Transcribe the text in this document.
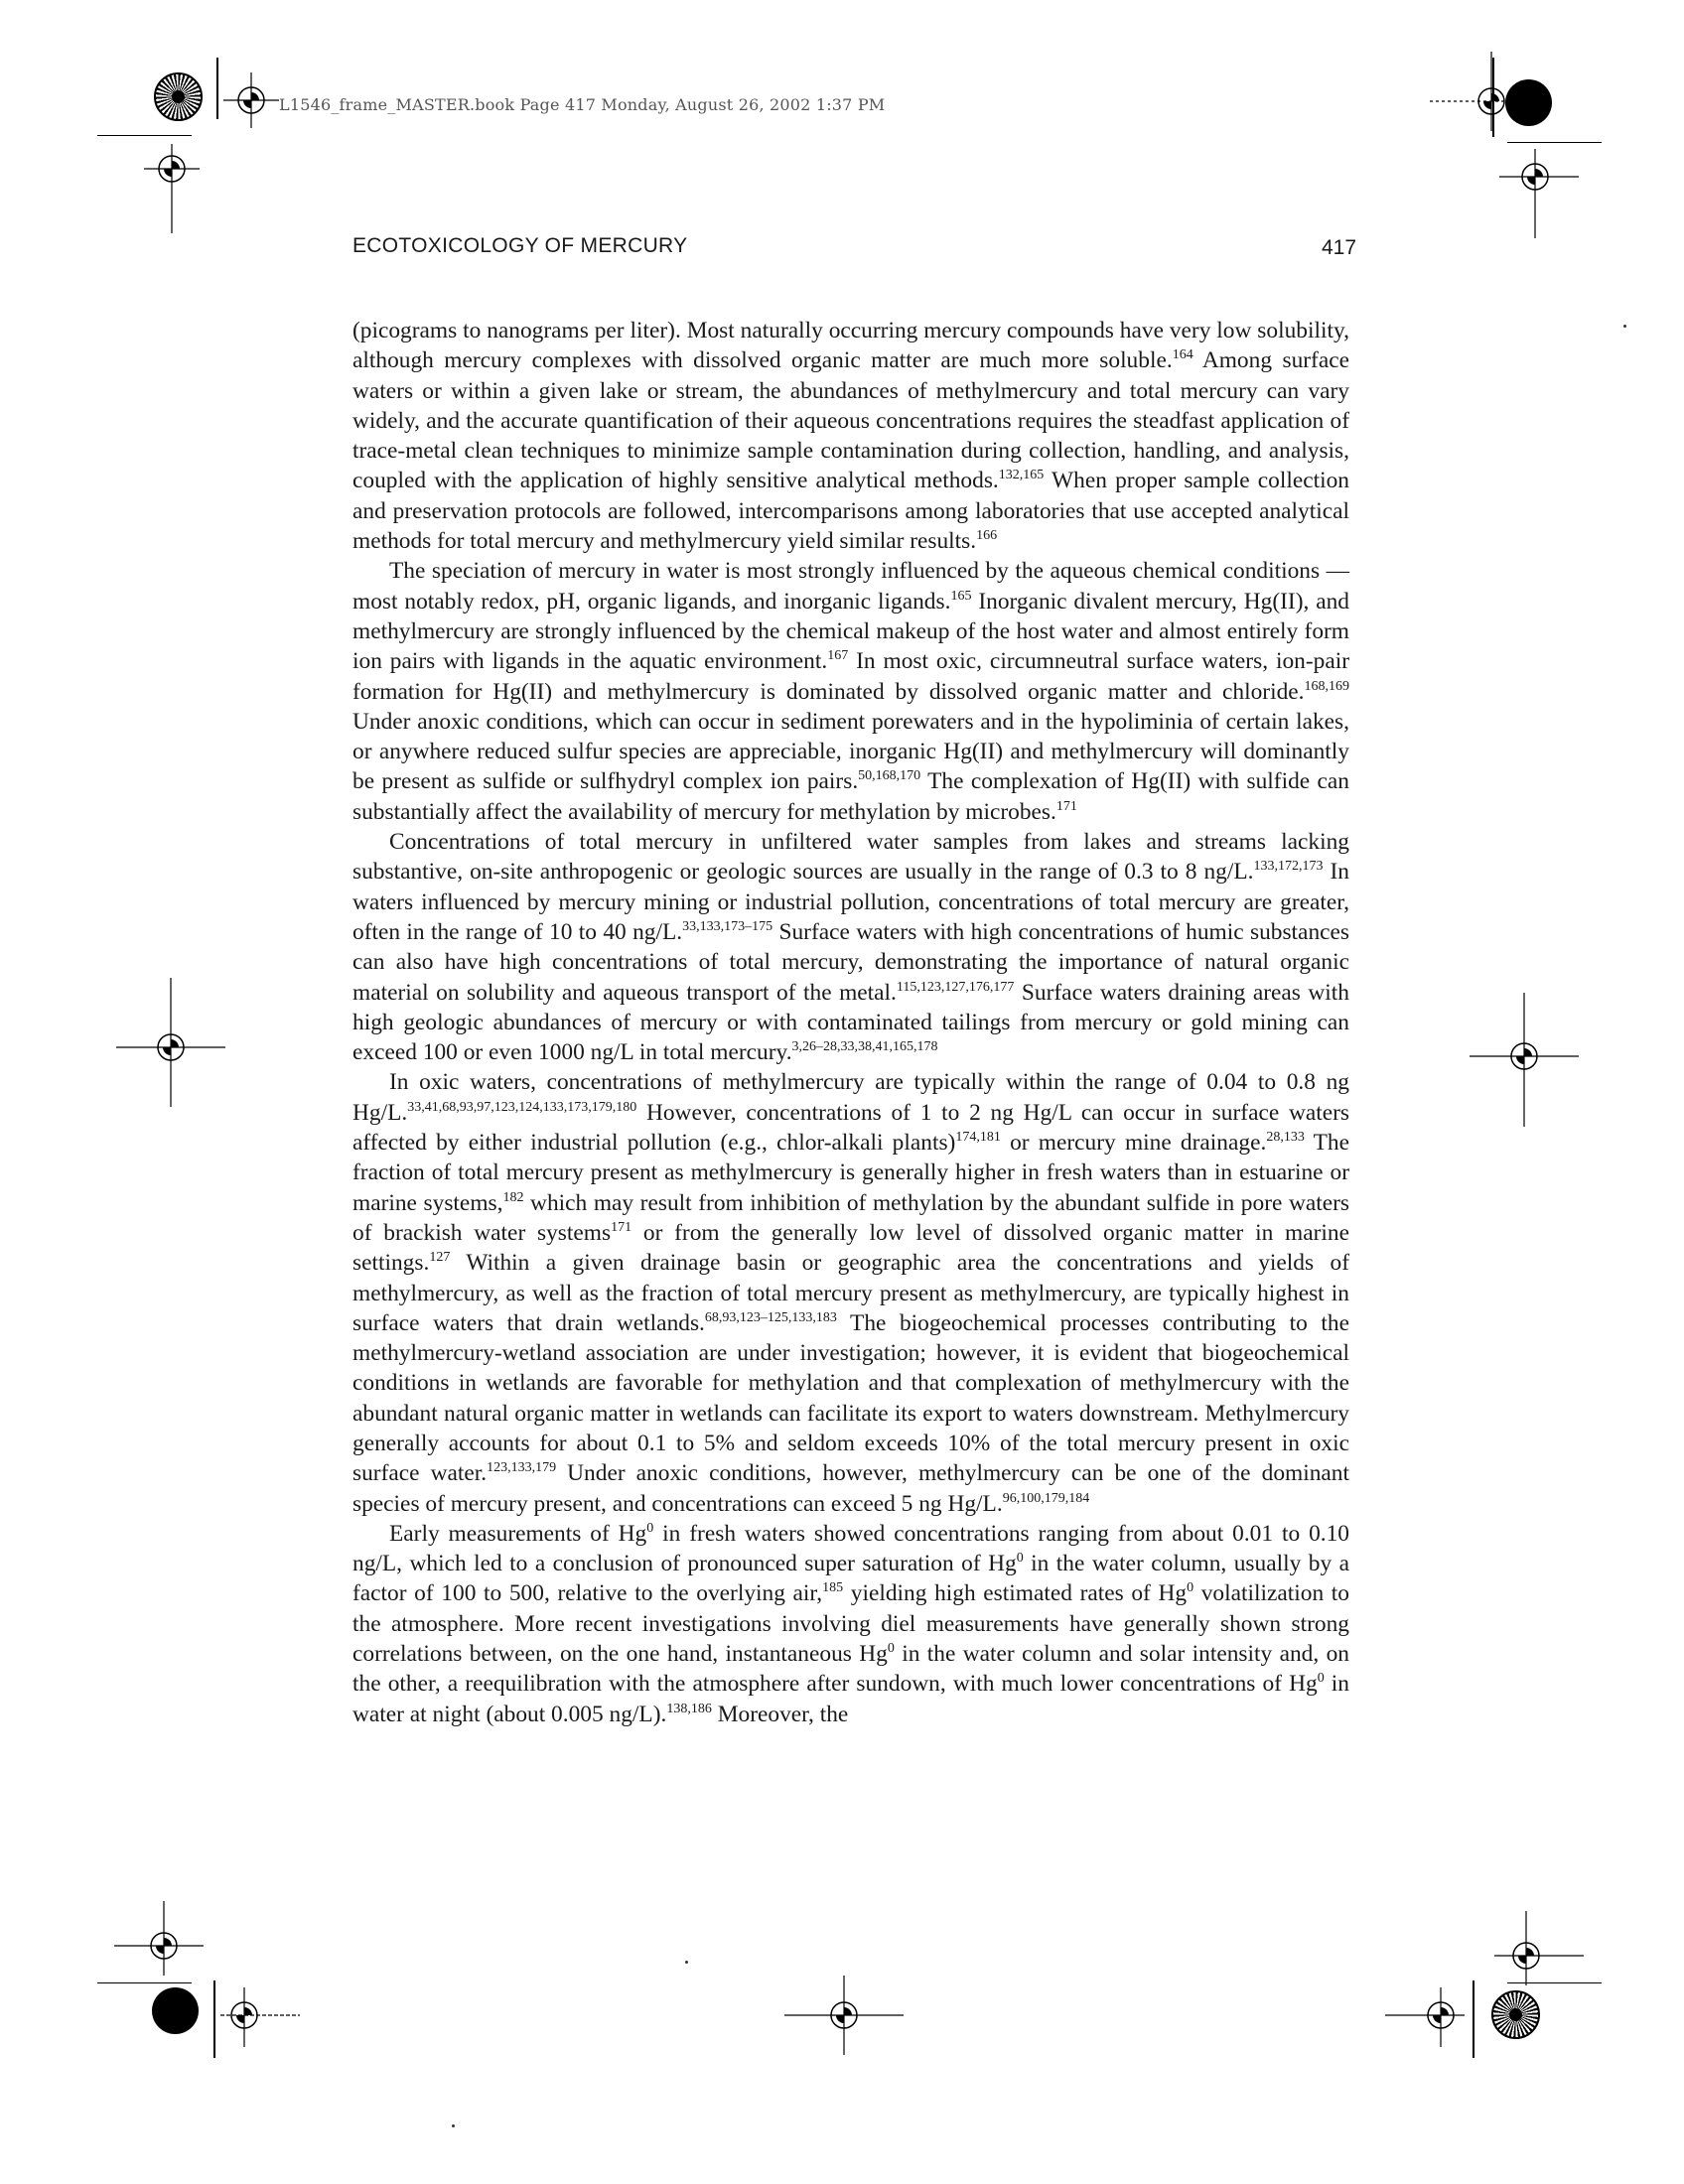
L1546_frame_MASTER.book Page 417 Monday, August 26, 2002 1:37 PM
ECOTOXICOLOGY OF MERCURY	417

(picograms to nanograms per liter). Most naturally occurring mercury compounds have very low solubility, although mercury complexes with dissolved organic matter are much more soluble.$^{164}$ Among surface waters or within a given lake or stream, the abundances of methylmercury and total mercury can vary widely, and the accurate quantification of their aqueous concentrations requires the steadfast application of trace-metal clean techniques to minimize sample contamination during collection, handling, and analysis, coupled with the application of highly sensitive analytical methods.$^{132,165}$ When proper sample collection and preservation protocols are followed, intercomparisons among laboratories that use accepted analytical methods for total mercury and methylmercury yield similar results.$^{166}$

The speciation of mercury in water is most strongly influenced by the aqueous chemical conditions — most notably redox, pH, organic ligands, and inorganic ligands.$^{165}$ Inorganic divalent mercury, Hg(II), and methylmercury are strongly influenced by the chemical makeup of the host water and almost entirely form ion pairs with ligands in the aquatic environment.$^{167}$ In most oxic, circumneutral surface waters, ion-pair formation for Hg(II) and methylmercury is dominated by dissolved organic matter and chloride.$^{168,169}$ Under anoxic conditions, which can occur in sediment porewaters and in the hypoliminia of certain lakes, or anywhere reduced sulfur species are appreciable, inorganic Hg(II) and methylmercury will dominantly be present as sulfide or sulfhydryl complex ion pairs.$^{50,168,170}$ The complexation of Hg(II) with sulfide can substantially affect the availability of mercury for methylation by microbes.$^{171}$

Concentrations of total mercury in unfiltered water samples from lakes and streams lacking substantive, on-site anthropogenic or geologic sources are usually in the range of 0.3 to 8 ng/L.$^{133,172,173}$ In waters influenced by mercury mining or industrial pollution, concentrations of total mercury are greater, often in the range of 10 to 40 ng/L.$^{33,133,173-175}$ Surface waters with high concentrations of humic substances can also have high concentrations of total mercury, demonstrating the importance of natural organic material on solubility and aqueous transport of the metal.$^{115,123,127,176,177}$ Surface waters draining areas with high geologic abundances of mercury or with contaminated tailings from mercury or gold mining can exceed 100 or even 1000 ng/L in total mercury.$^{3,26-28,33,38,41,165,178}$

In oxic waters, concentrations of methylmercury are typically within the range of 0.04 to 0.8 ng Hg/L.$^{33,41,68,93,97,123,124,133,173,179,180}$ However, concentrations of 1 to 2 ng Hg/L can occur in surface waters affected by either industrial pollution (e.g., chlor-alkali plants)$^{174,181}$ or mercury mine drainage.$^{28,133}$ The fraction of total mercury present as methylmercury is generally higher in fresh waters than in estuarine or marine systems,$^{182}$ which may result from inhibition of methylation by the abundant sulfide in pore waters of brackish water systems$^{171}$ or from the generally low level of dissolved organic matter in marine settings.$^{127}$ Within a given drainage basin or geographic area the concentrations and yields of methylmercury, as well as the fraction of total mercury present as methylmercury, are typically highest in surface waters that drain wetlands.$^{68,93,123-125,133,183}$ The biogeochemical processes contributing to the methylmercury-wetland association are under investigation; however, it is evident that biogeochemical conditions in wetlands are favorable for methylation and that complexation of methylmercury with the abundant natural organic matter in wetlands can facilitate its export to waters downstream. Methylmercury generally accounts for about 0.1 to 5% and seldom exceeds 10% of the total mercury present in oxic surface water.$^{123,133,179}$ Under anoxic conditions, however, methylmercury can be one of the dominant species of mercury present, and concentrations can exceed 5 ng Hg/L.$^{96,100,179,184}$

Early measurements of Hg$^0$ in fresh waters showed concentrations ranging from about 0.01 to 0.10 ng/L, which led to a conclusion of pronounced super saturation of Hg$^0$ in the water column, usually by a factor of 100 to 500, relative to the overlying air,$^{185}$ yielding high estimated rates of Hg$^0$ volatilization to the atmosphere. More recent investigations involving diel measurements have generally shown strong correlations between, on the one hand, instantaneous Hg$^0$ in the water column and solar intensity and, on the other, a reequilibration with the atmosphere after sundown, with much lower concentrations of Hg$^0$ in water at night (about 0.005 ng/L).$^{138,186}$ Moreover, the
